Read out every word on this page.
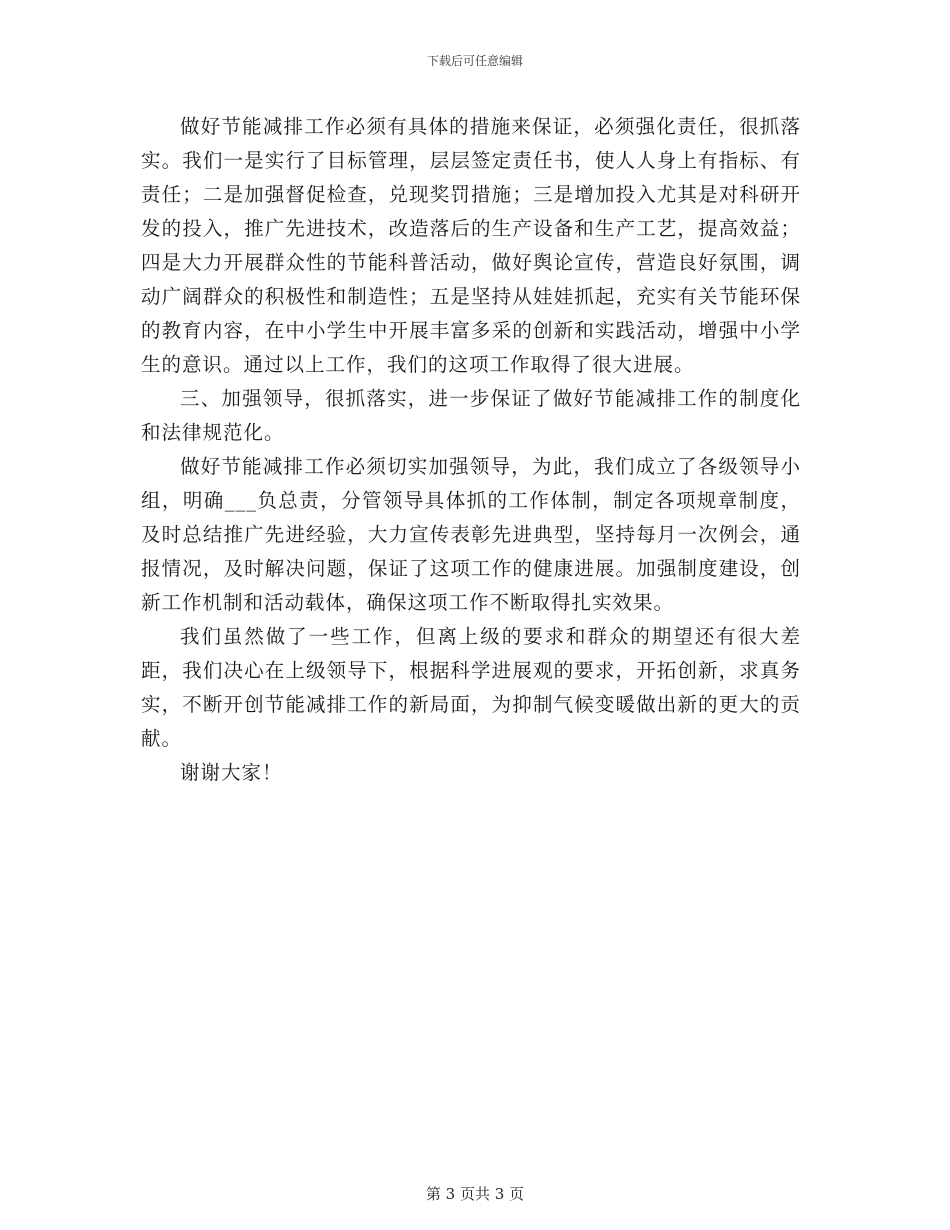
下载后可任意编辑

做好节能减排工作必须有具体的措施来保证，必须强化责任，很抓落实。我们一是实行了目标管理，层层签定责任书，使人人身上有指标、有责任；二是加强督促检查，兑现奖罚措施；三是增加投入尤其是对科研开发的投入，推广先进技术，改造落后的生产设备和生产工艺，提高效益；四是大力开展群众性的节能科普活动，做好舆论宣传，营造良好氛围，调动广阔群众的积极性和制造性；五是坚持从娃娃抓起，充实有关节能环保的教育内容，在中小学生中开展丰富多采的创新和实践活动，增强中小学生的意识。通过以上工作，我们的这项工作取得了很大进展。

三、加强领导，很抓落实，进一步保证了做好节能减排工作的制度化和法律规范化。

做好节能减排工作必须切实加强领导，为此，我们成立了各级领导小组，明确___负总责，分管领导具体抓的工作体制，制定各项规章制度，及时总结推广先进经验，大力宣传表彰先进典型，坚持每月一次例会，通报情况，及时解决问题，保证了这项工作的健康进展。加强制度建设，创新工作机制和活动载体，确保这项工作不断取得扎实效果。

我们虽然做了一些工作，但离上级的要求和群众的期望还有很大差距，我们决心在上级领导下，根据科学进展观的要求，开拓创新，求真务实，不断开创节能减排工作的新局面，为抑制气候变暖做出新的更大的贡献。

谢谢大家！

第 3 页共 3 页
